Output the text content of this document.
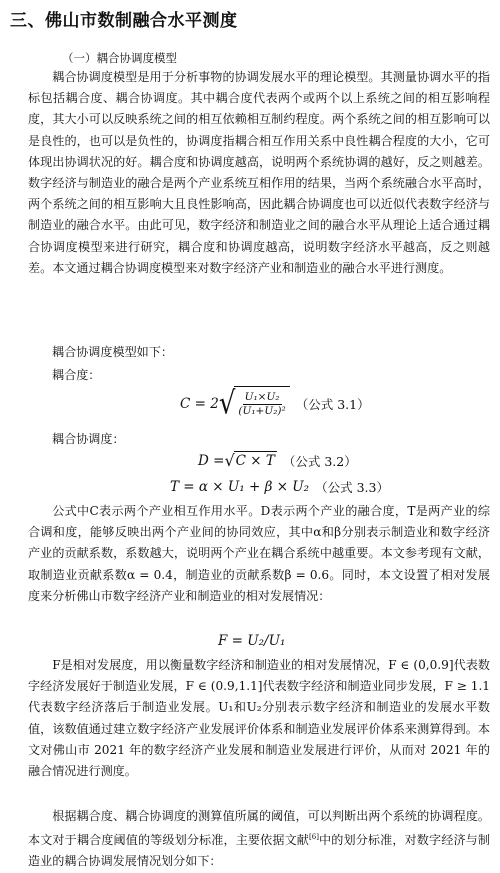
三、佛山市数制融合水平测度
（一）耦合协调度模型

耦合协调度模型是用于分析事物的协调发展水平的理论模型。其测量协调水平的指标包括耦合度、耦合协调度。其中耦合度代表两个或两个以上系统之间的相互影响程度，其大小可以反映系统之间的相互依赖相互制约程度。两个系统之间的相互影响可以是良性的，也可以是负性的，协调度指耦合相互作用关系中良性耦合程度的大小，它可体现出协调状况的好。耦合度和协调度越高，说明两个系统协调的越好，反之则越差。数字经济与制造业的融合是两个产业系统互相作用的结果，当两个系统融合水平高时，两个系统之间的相互影响大且良性影响高，因此耦合协调度也可以近似代表数字经济与制造业的融合水平。由此可见，数字经济和制造业之间的融合水平从理论上适合通过耦合协调度模型来进行研究，耦合度和协调度越高，说明数字经济水平越高，反之则越差。本文通过耦合协调度模型来对数字经济产业和制造业的融合水平进行测度。

耦合协调度模型如下：
耦合度：
C = 2 √ $\frac{\text{U₁×U₂}}{\text{(U₁+U₂)²}}$ （公式 3.1）
耦合协调度：
D = √ C × T （公式 3.2）
T = α × U₁ + β × U₂ （公式 3.3）

公式中C表示两个产业相互作用水平。D表示两个产业的融合度，T是两产业的综合调和度，能够反映出两个产业间的协同效应，其中α和β分别表示制造业和数字经济产业的贡献系数，系数越大，说明两个产业在耦合系统中越重要。本文参考现有文献，取制造业贡献系数α = 0.4，制造业的贡献系数β = 0.6。同时，本文设置了相对发展度来分析佛山市数字经济产业和制造业的相对发展情况：

F = U₂/U₁

F是相对发展度，用以衡量数字经济和制造业的相对发展情况，F ∈ (0,0.9]代表数字经济发展好于制造业发展，F ∈ (0.9,1.1]代表数字经济和制造业同步发展，F ≥ 1.1 代表数字经济落后于制造业发展。U₁和U₂分别表示数字经济和制造业的发展水平数值，该数值通过建立数字经济产业发展评价体系和制造业发展评价体系来测算得到。本文对佛山市 2021 年的数字经济产业发展和制造业发展进行评价，从而对 2021 年的融合情况进行测度。

根据耦合度、耦合协调度的测算值所属的阈值，可以判断出两个系统的协调程度。本文对于耦合度阈值的等级划分标准，主要依据文献[6]中的划分标准，对数字经济与制造业的耦合协调发展情况划分如下：
